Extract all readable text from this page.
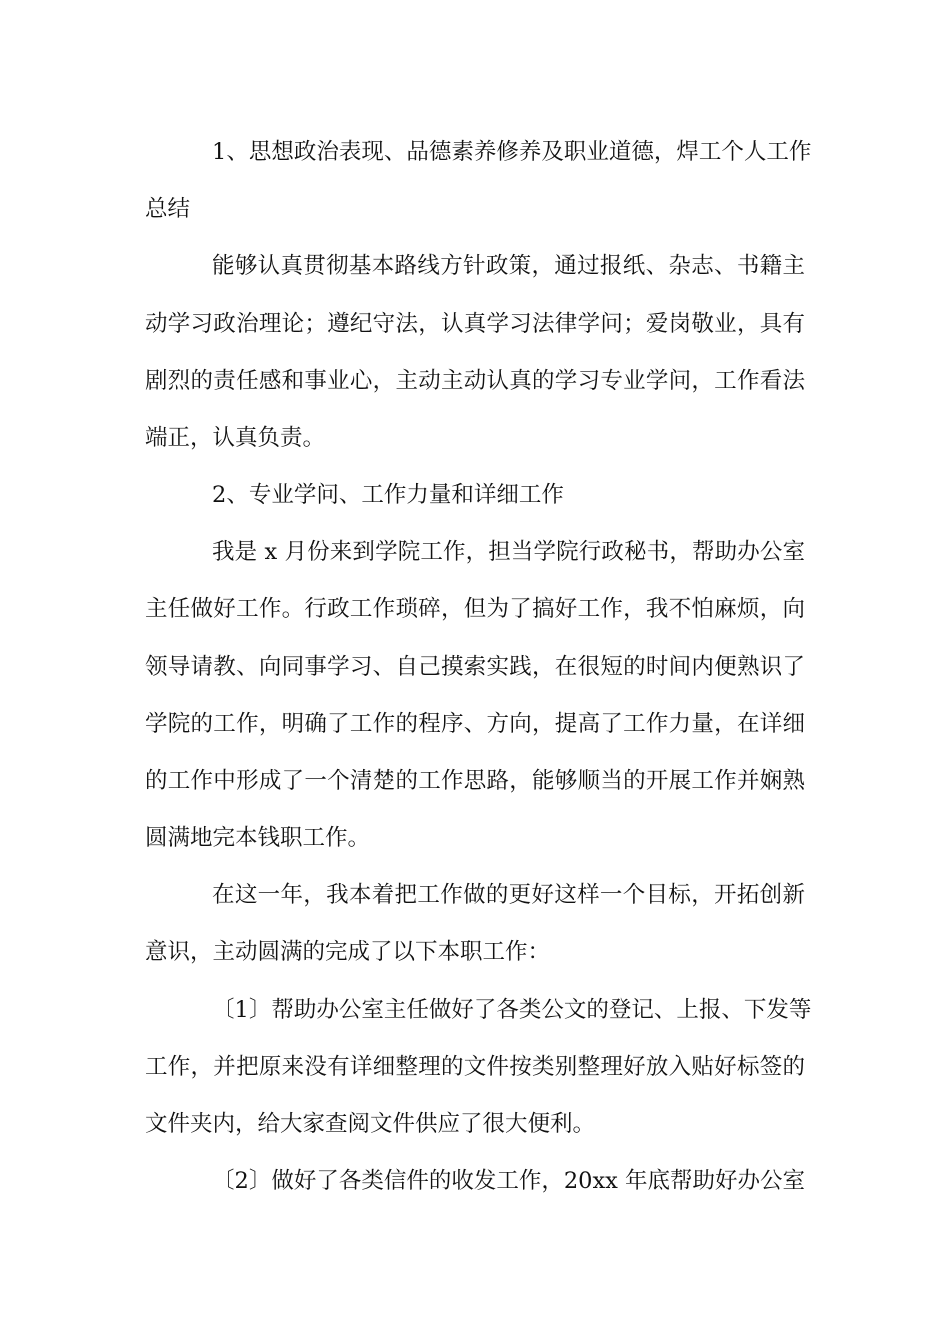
1、思想政治表现、品德素养修养及职业道德，焊工个人工作
总结
能够认真贯彻基本路线方针政策，通过报纸、杂志、书籍主
动学习政治理论；遵纪守法，认真学习法律学问；爱岗敬业，具有
剧烈的责任感和事业心，主动主动认真的学习专业学问，工作看法
端正，认真负责。
2、专业学问、工作力量和详细工作
我是 x 月份来到学院工作，担当学院行政秘书，帮助办公室
主任做好工作。行政工作琐碎，但为了搞好工作，我不怕麻烦，向
领导请教、向同事学习、自己摸索实践，在很短的时间内便熟识了
学院的工作，明确了工作的程序、方向，提高了工作力量，在详细
的工作中形成了一个清楚的工作思路，能够顺当的开展工作并娴熟
圆满地完本钱职工作。
在这一年，我本着把工作做的更好这样一个目标，开拓创新
意识，主动圆满的完成了以下本职工作：
〔1〕帮助办公室主任做好了各类公文的登记、上报、下发等
工作，并把原来没有详细整理的文件按类别整理好放入贴好标签的
文件夹内，给大家查阅文件供应了很大便利。
〔2〕做好了各类信件的收发工作，20xx 年底帮助好办公室
